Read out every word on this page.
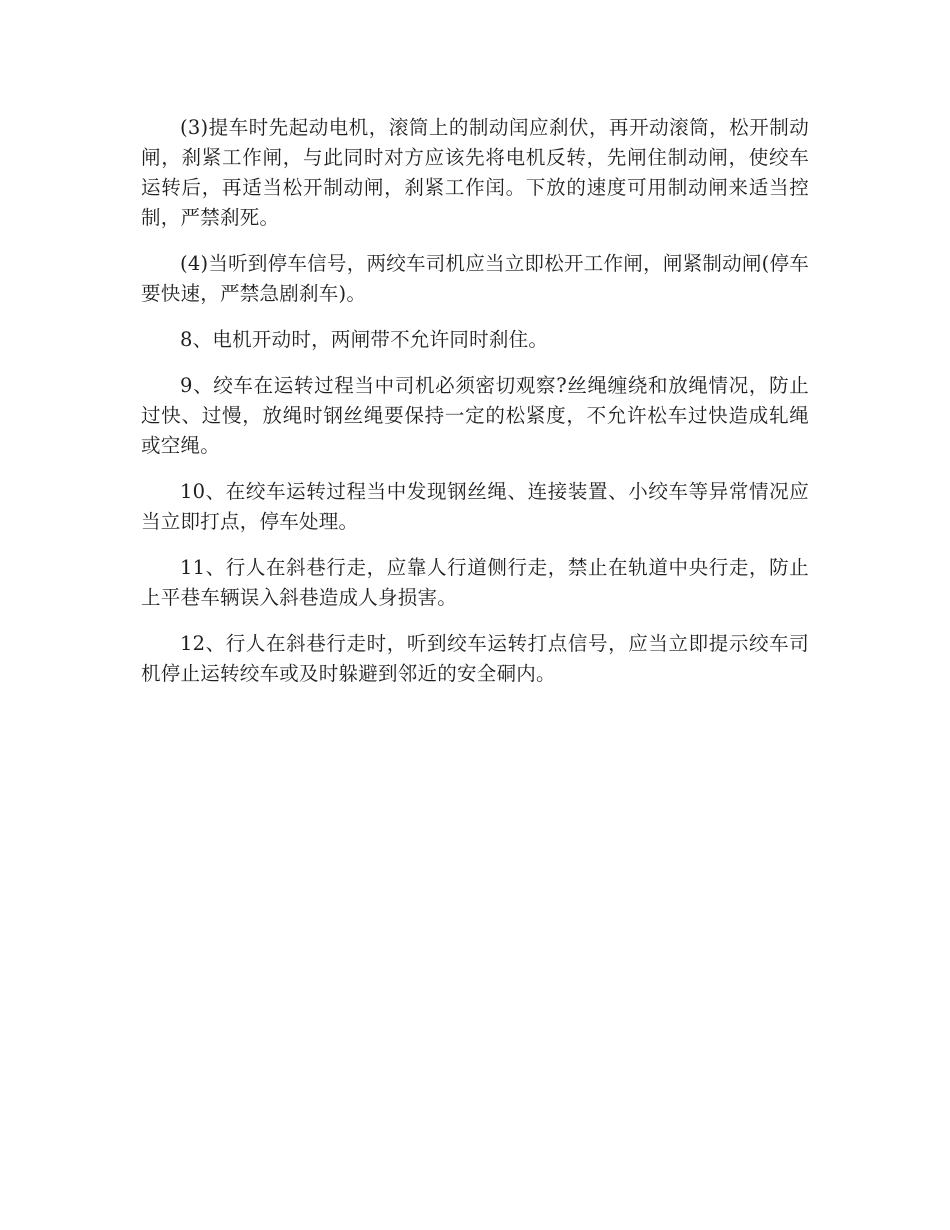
(3)提车时先起动电机，滚筒上的制动闰应刹伏，再开动滚筒，松开制动闸，刹紧工作闸，与此同时对方应该先将电机反转，先闸住制动闸，使绞车运转后，再适当松开制动闸，刹紧工作闰。下放的速度可用制动闸来适当控制，严禁刹死。

(4)当听到停车信号，两绞车司机应当立即松开工作闸，闸紧制动闸(停车要快速，严禁急剧刹车)。

8、电机开动时，两闸带不允许同时刹住。

9、绞车在运转过程当中司机必须密切观察?丝绳缠绕和放绳情况，防止过快、过慢，放绳时钢丝绳要保持一定的松紧度，不允许松车过快造成轧绳或空绳。

10、在绞车运转过程当中发现钢丝绳、连接装置、小绞车等异常情况应当立即打点，停车处理。

11、行人在斜巷行走，应靠人行道侧行走，禁止在轨道中央行走，防止上平巷车辆误入斜巷造成人身损害。

12、行人在斜巷行走时，听到绞车运转打点信号，应当立即提示绞车司机停止运转绞车或及时躲避到邻近的安全硐内。
